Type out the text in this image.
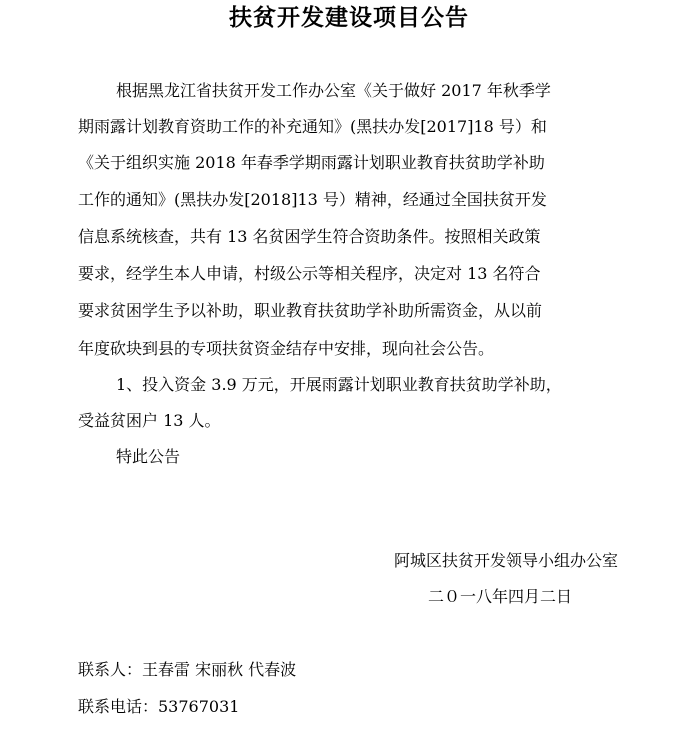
扶贫开发建设项目公告
根据黑龙江省扶贫开发工作办公室《关于做好 2017 年秋季学
期雨露计划教育资助工作的补充通知》(黑扶办发[2017]18 号）和
《关于组织实施 2018 年春季学期雨露计划职业教育扶贫助学补助
工作的通知》(黑扶办发[2018]13 号）精神，经通过全国扶贫开发
信息系统核查，共有 13 名贫困学生符合资助条件。按照相关政策
要求，经学生本人申请，村级公示等相关程序，决定对 13 名符合
要求贫困学生予以补助，职业教育扶贫助学补助所需资金，从以前
年度砍块到县的专项扶贫资金结存中安排，现向社会公告。
1、投入资金 3.9 万元，开展雨露计划职业教育扶贫助学补助，
受益贫困户 13 人。
特此公告
阿城区扶贫开发领导小组办公室
二０一八年四月二日
联系人：王春雷 宋丽秋 代春波
联系电话：53767031
